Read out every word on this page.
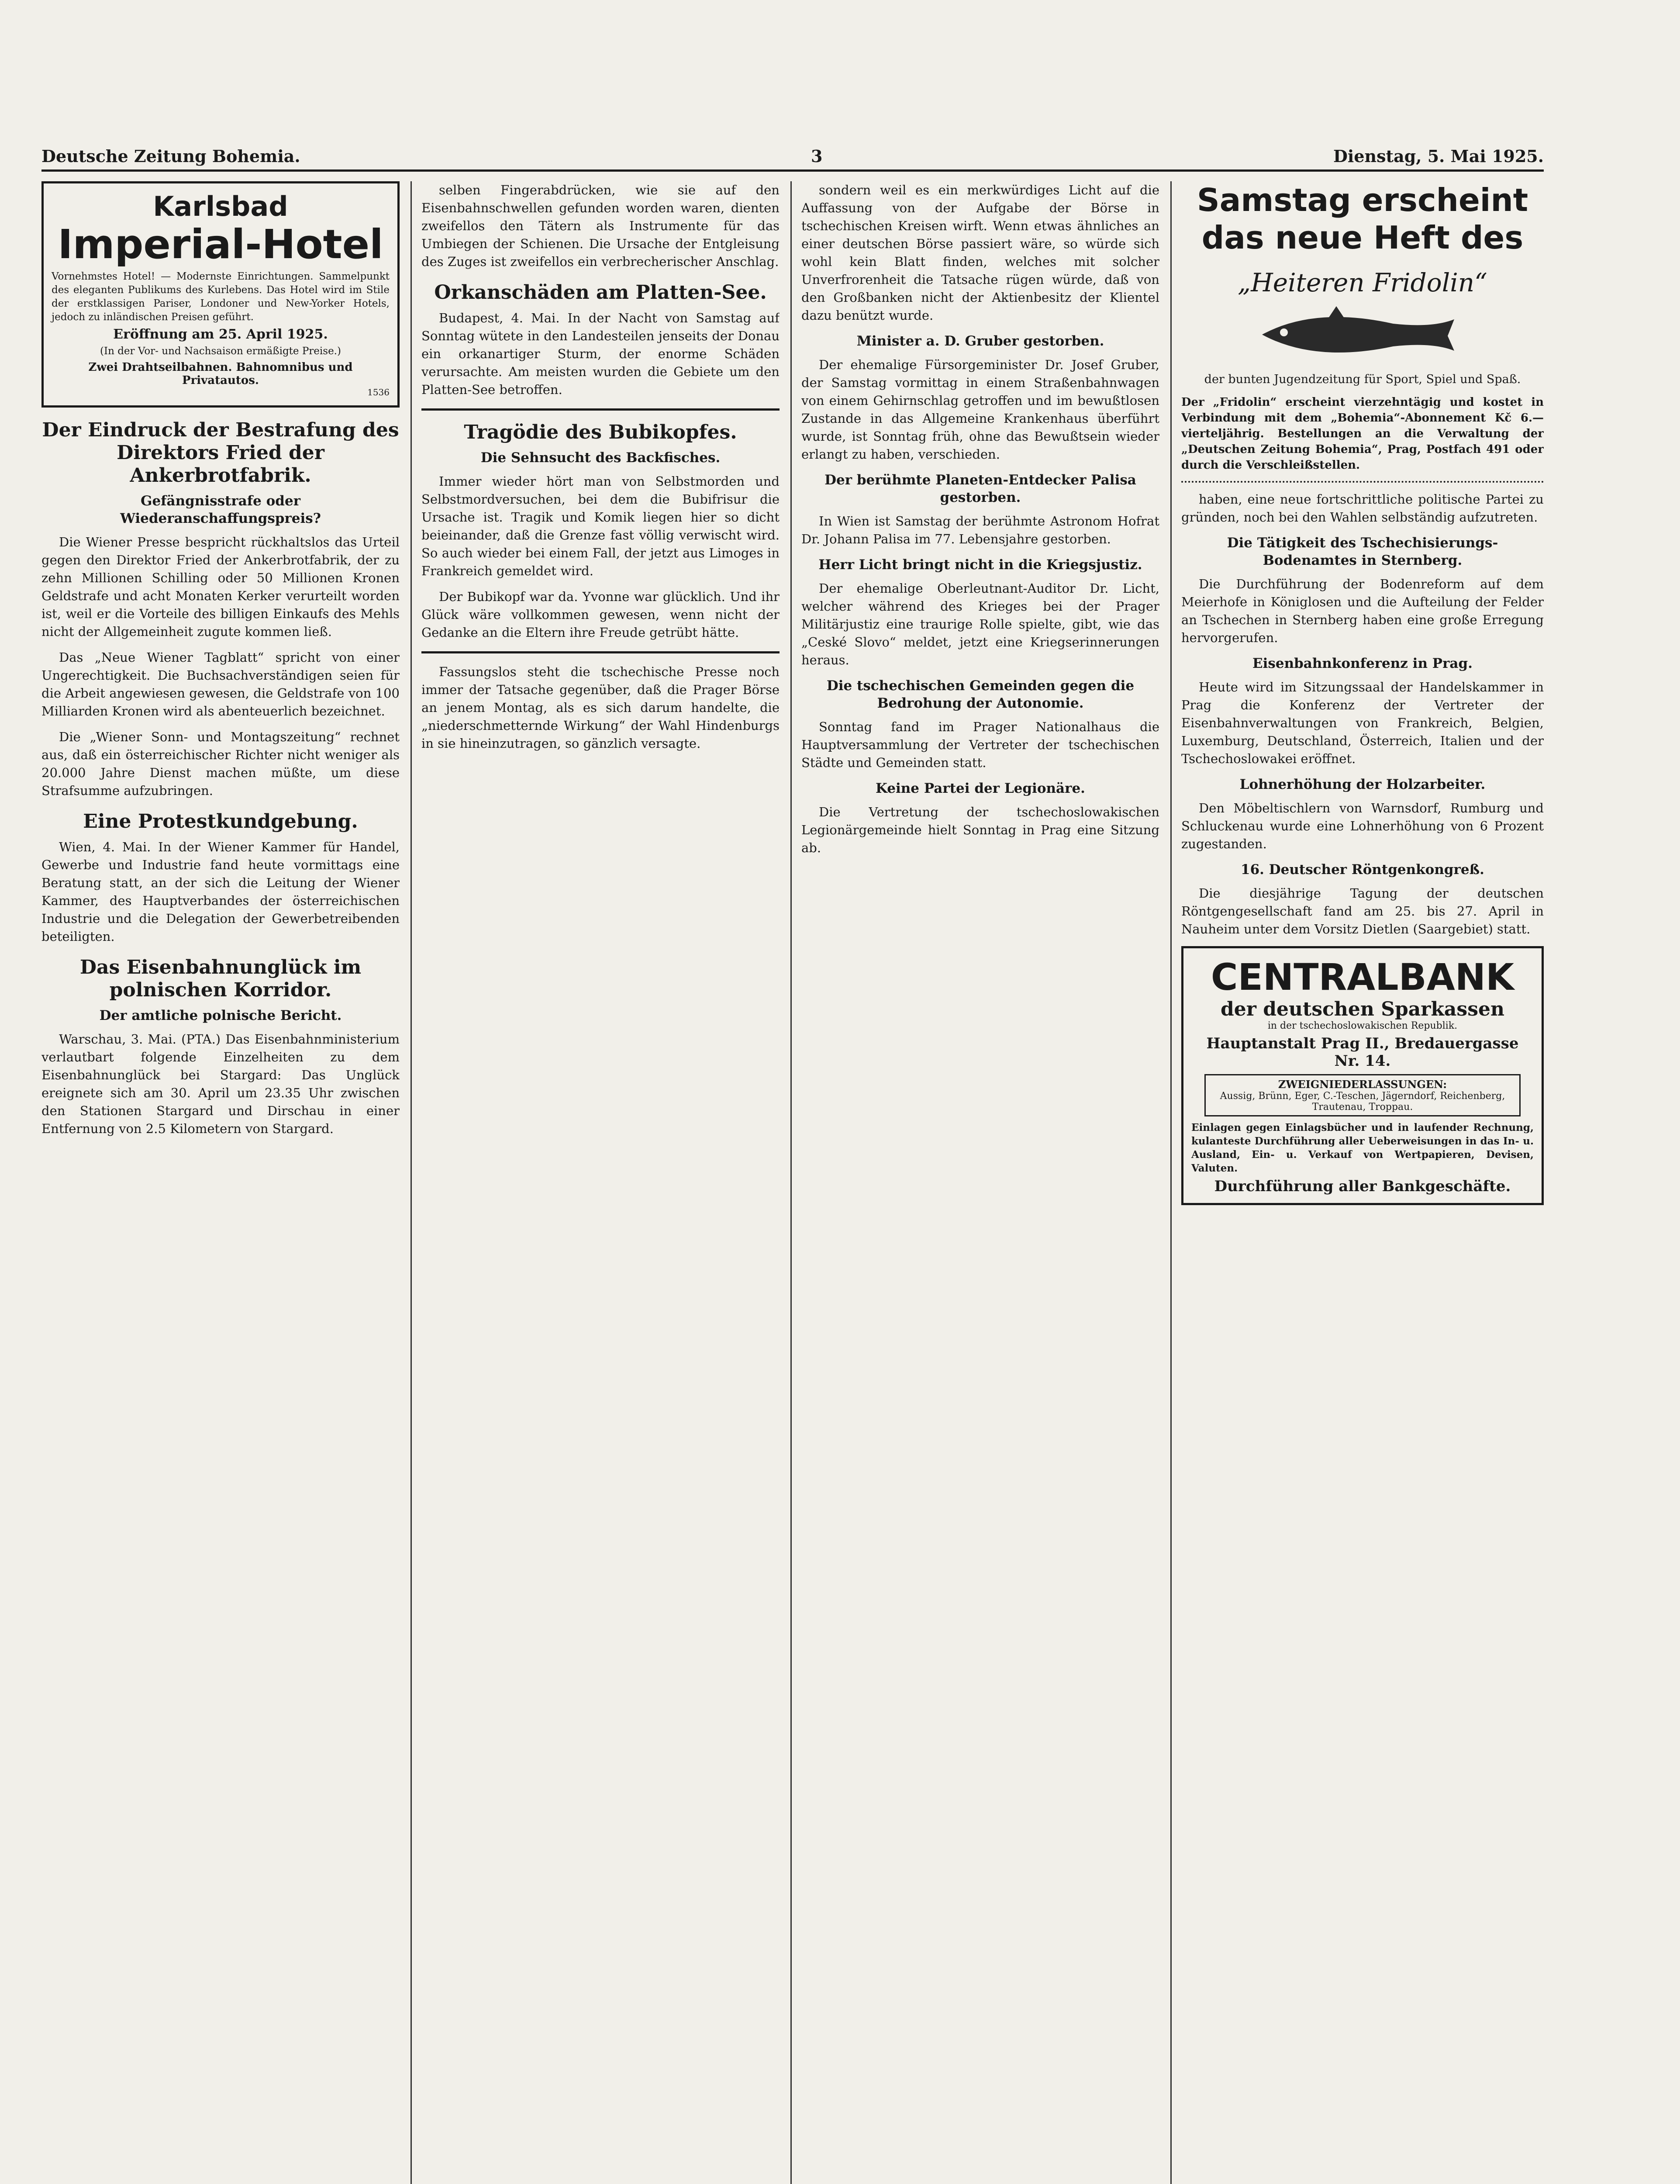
Deutsche Zeitung Bohemia.	3	Dienstag, 5. Mai 1925.
Karlsbad
Imperial-Hotel
Vornehmstes Hotel! — Modernste Einrichtungen. Sammelpunkt des eleganten Publikums des Kurlebens. Das Hotel wird im Stile der erstklassigen Pariser, Londoner und New-Yorker Hotels, jedoch zu inländischen Preisen geführt.
Eröffnung am 25. April 1925.
(In der Vor- und Nachsaison ermäßigte Preise.)
Zwei Drahtseilbahnen. Bahnomnibus und Privatautos.
1536
Der Eindruck der Bestrafung des Direktors Fried der Ankerbrotfabrik.
Gefängnisstrafe oder Wiederanschaffungspreis?

Die Wiener Presse bespricht rückhaltslos das Urteil gegen den Direktor Fried der Ankerbrotfabrik, der zu zehn Millionen Schilling oder 50 Millionen Kronen Geldstrafe und acht Monaten Kerker verurteilt worden ist, weil er die Vorteile des billigen Einkaufs des Mehls nicht der Allgemeinheit zugute kommen ließ.

Das „Neue Wiener Tagblatt“ spricht von einer Ungerechtigkeit. Die Buchsachverständigen seien für die Arbeit angewiesen gewesen, die Geldstrafe von 100 Milliarden Kronen wird als abenteuerlich bezeichnet.

Die „Wiener Sonn- und Montagszeitung“ rechnet aus, daß ein österreichischer Richter nicht weniger als 20.000 Jahre Dienst machen müßte, um diese Strafsumme aufzubringen.

Eine Protestkundgebung.

Wien, 4. Mai. In der Wiener Kammer für Handel, Gewerbe und Industrie fand heute vormittags eine Beratung statt, an der sich die Leitung der Wiener Kammer, des Hauptverbandes der österreichischen Industrie und die Delegation der Gewerbetreibenden beteiligten.

Das Eisenbahnunglück im polnischen Korridor.
Der amtliche polnische Bericht.

Warschau, 3. Mai. (PTA.) Das Eisenbahnministerium verlautbart folgende Einzelheiten zu dem Eisenbahnunglück bei Stargard: Das Unglück ereignete sich am 30. April um 23.35 Uhr zwischen den Stationen Stargard und Dirschau in einer Entfernung von 2.5 Kilometern von Stargard.

selben Fingerabdrücken, wie sie auf den Eisenbahnschwellen gefunden worden waren, dienten zweifellos den Tätern als Instrumente für das Umbiegen der Schienen. Die Ursache der Entgleisung des Zuges ist zweifellos ein verbrecherischer Anschlag.

Orkanschäden am Platten-See.

Budapest, 4. Mai. In der Nacht von Samstag auf Sonntag wütete in den Landesteilen jenseits der Donau ein orkanartiger Sturm, der enorme Schäden verursachte. Am meisten wurden die Gebiete um den Platten-See betroffen.

Tragödie des Bubikopfes.
Die Sehnsucht des Backfisches.

Immer wieder hört man von Selbstmorden und Selbstmordversuchen, bei dem die Bubifrisur die Ursache ist. Tragik und Komik liegen hier so dicht beieinander, daß die Grenze fast völlig verwischt wird. So auch wieder bei einem Fall, der jetzt aus Limoges in Frankreich gemeldet wird.

Der Bubikopf war da. Yvonne war glücklich. Und ihr Glück wäre vollkommen gewesen, wenn nicht der Gedanke an die Eltern ihre Freude getrübt hätte.

Fassungslos steht die tschechische Presse noch immer der Tatsache gegenüber, daß die Prager Börse an jenem Montag, als es sich darum handelte, die „niederschmetternde Wirkung“ der Wahl Hindenburgs in sie hineinzutragen, so gänzlich versagte.

sondern weil es ein merkwürdiges Licht auf die Auffassung von der Aufgabe der Börse in tschechischen Kreisen wirft. Wenn etwas ähnliches an einer deutschen Börse passiert wäre, so würde sich wohl kein Blatt finden, welches mit solcher Unverfrorenheit die Tatsache rügen würde, daß von den Großbanken nicht der Aktienbesitz der Klientel dazu benützt wurde.

Minister a. D. Gruber gestorben.

Der ehemalige Fürsorgeminister Dr. Josef Gruber, der Samstag vormittag in einem Straßenbahnwagen von einem Gehirnschlag getroffen und im bewußtlosen Zustande in das Allgemeine Krankenhaus überführt wurde, ist Sonntag früh, ohne das Bewußtsein wieder erlangt zu haben, verschieden.

Der berühmte Planeten-Entdecker Palisa gestorben.

In Wien ist Samstag der berühmte Astronom Hofrat Dr. Johann Palisa im 77. Lebensjahre gestorben.

Herr Licht bringt nicht in die Kriegsjustiz.

Der ehemalige Oberleutnant-Auditor Dr. Licht, welcher während des Krieges bei der Prager Militärjustiz eine traurige Rolle spielte, gibt, wie das „Ceské Slovo“ meldet, jetzt eine Kriegserinnerungen heraus.

Die tschechischen Gemeinden gegen die Bedrohung der Autonomie.

Sonntag fand im Prager Nationalhaus die Hauptversammlung der Vertreter der tschechischen Städte und Gemeinden statt.

Keine Partei der Legionäre.

Die Vertretung der tschechoslowakischen Legionärgemeinde hielt Sonntag in Prag eine Sitzung ab.

Samstag erscheint
das neue Heft des
„Heiteren Fridolin“
der bunten Jugendzeitung für Sport, Spiel und Spaß.
Der „Fridolin“ erscheint vierzehntägig und kostet in Verbindung mit dem „Bohemia“-Abonnement Kč 6.— vierteljährig. Bestellungen an die Verwaltung der „Deutschen Zeitung Bohemia“, Prag, Postfach 491 oder durch die Verschleißstellen.

haben, eine neue fortschrittliche politische Partei zu gründen, noch bei den Wahlen selbständig aufzutreten.

Die Tätigkeit des Tschechisierungs-Bodenamtes in Sternberg.

Die Durchführung der Bodenreform auf dem Meierhofe in Königlosen und die Aufteilung der Felder an Tschechen in Sternberg haben eine große Erregung hervorgerufen.

Eisenbahnkonferenz in Prag.

Heute wird im Sitzungssaal der Handelskammer in Prag die Konferenz der Vertreter der Eisenbahnverwaltungen von Frankreich, Belgien, Luxemburg, Deutschland, Österreich, Italien und der Tschechoslowakei eröffnet.

Lohnerhöhung der Holzarbeiter.

Den Möbeltischlern von Warnsdorf, Rumburg und Schluckenau wurde eine Lohnerhöhung von 6 Prozent zugestanden.

16. Deutscher Röntgenkongreß.

Die diesjährige Tagung der deutschen Röntgengesellschaft fand am 25. bis 27. April in Nauheim unter dem Vorsitz Dietlen (Saargebiet) statt.

CENTRALBANK
der deutschen Sparkassen
in der tschechoslowakischen Republik.
Hauptanstalt Prag II., Bredauergasse Nr. 14.
ZWEIGNIEDERLASSUNGEN:
Aussig, Brünn, Eger, C.-Teschen, Jägerndorf, Reichenberg, Trautenau, Troppau.
Einlagen gegen Einlagsbücher und in laufender Rechnung, kulanteste Durchführung aller Ueberweisungen in das In- u. Ausland, Ein- u. Verkauf von Wertpapieren, Devisen, Valuten.
Durchführung aller Bankgeschäfte.
